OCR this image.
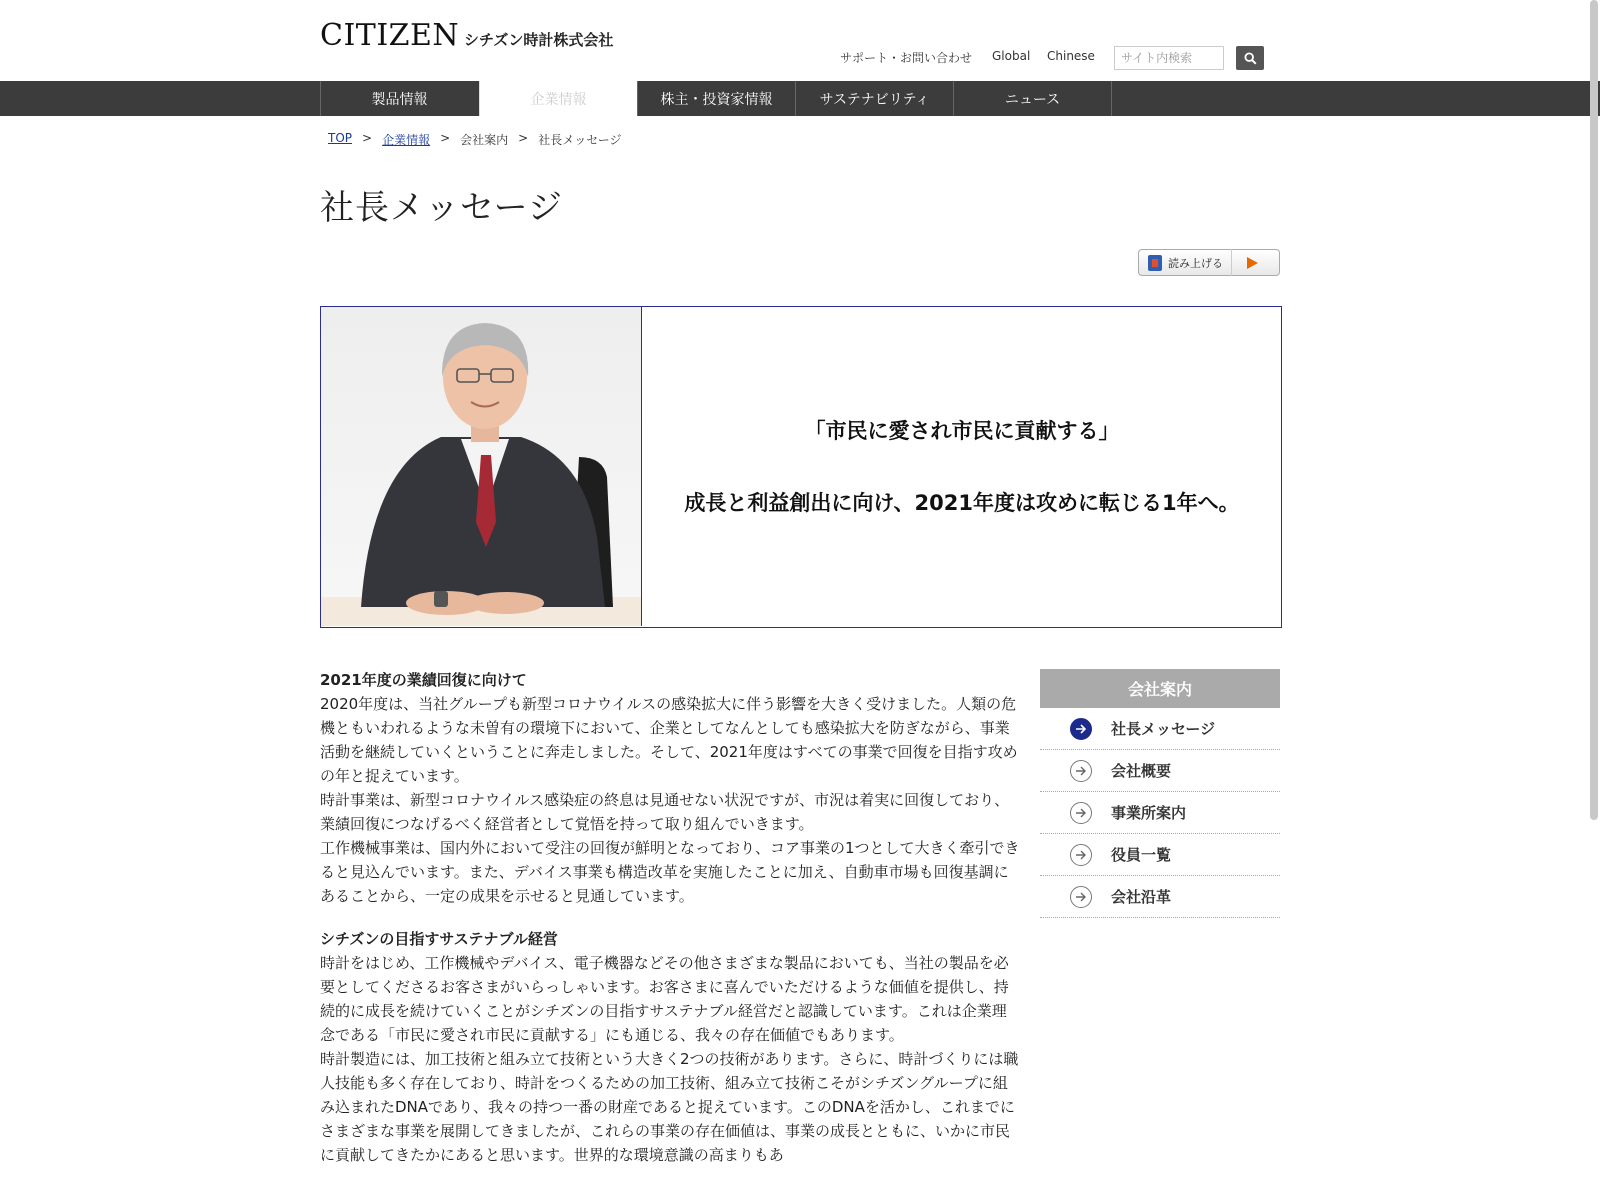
CITIZEN シチズン時計株式会社
サポート・お問い合わせ Global Chinese
サイト内検索
製品情報	企業情報	株主・投資家情報	サステナビリティ	ニュース
TOP > 企業情報 > 会社案内 > 社長メッセージ
社長メッセージ
読み上げる
「市民に愛され市民に貢献する」
成長と利益創出に向け、2021年度は攻めに転じる1年へ。
2021年度の業績回復に向けて

2020年度は、当社グループも新型コロナウイルスの感染拡大に伴う影響を大きく受けました。人類の危機ともいわれるような未曽有の環境下において、企業としてなんとしても感染拡大を防ぎながら、事業活動を継続していくということに奔走しました。そして、2021年度はすべての事業で回復を目指す攻めの年と捉えています。

時計事業は、新型コロナウイルス感染症の終息は見通せない状況ですが、市況は着実に回復しており、業績回復につなげるべく経営者として覚悟を持って取り組んでいきます。

工作機械事業は、国内外において受注の回復が鮮明となっており、コア事業の1つとして大きく牽引できると見込んでいます。また、デバイス事業も構造改革を実施したことに加え、自動車市場も回復基調にあることから、一定の成果を示せると見通しています。

シチズンの目指すサステナブル経営

時計をはじめ、工作機械やデバイス、電子機器などその他さまざまな製品においても、当社の製品を必要としてくださるお客さまがいらっしゃいます。お客さまに喜んでいただけるような価値を提供し、持続的に成長を続けていくことがシチズンの目指すサステナブル経営だと認識しています。これは企業理念である「市民に愛され市民に貢献する」にも通じる、我々の存在価値でもあります。

時計製造には、加工技術と組み立て技術という大きく2つの技術があります。さらに、時計づくりには職人技能も多く存在しており、時計をつくるための加工技術、組み立て技術こそがシチズングループに組み込まれたDNAであり、我々の持つ一番の財産であると捉えています。このDNAを活かし、これまでにさまざまな事業を展開してきましたが、これらの事業の存在価値は、事業の成長とともに、いかに市民に貢献してきたかにあると思います。世界的な環境意識の高まりもあ

会社案内
社長メッセージ
会社概要
事業所案内
役員一覧
会社沿革
